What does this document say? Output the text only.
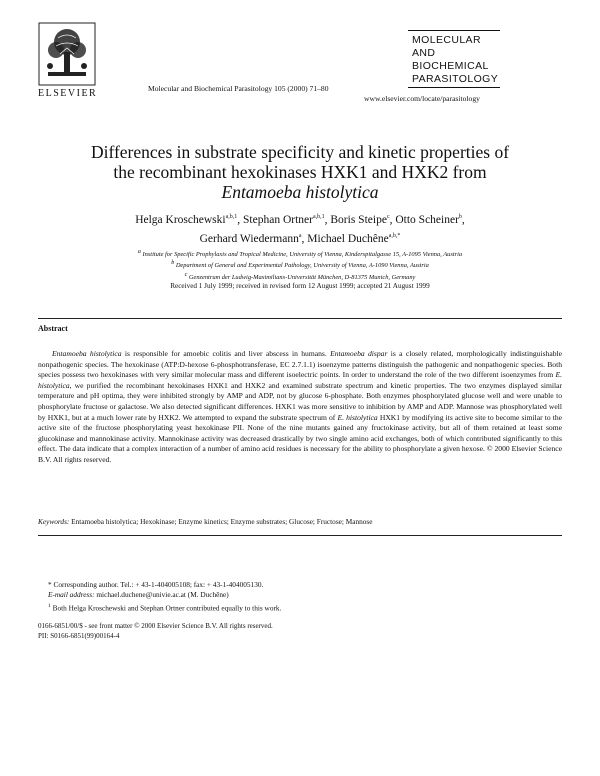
ELSEVIER	Molecular and Biochemical Parasitology 105 (2000) 71–80
MOLECULAR
AND
BIOCHEMICAL
PARASITOLOGY
www.elsevier.com/locate/parasitology
Differences in substrate specificity and kinetic properties of
the recombinant hexokinases HXK1 and HXK2 from
Entamoeba histolytica
Helga Kroschewski$^{a,b,1}$, Stephan Ortner$^{a,b,1}$, Boris Steipe$^c$, Otto Scheiner$^b$,
Gerhard Wiedermann$^a$, Michael Duchêne$^{a,b,*}$
$^a$ Institute for Specific Prophylaxis and Tropical Medicine, University of Vienna, Kinderspitalgasse 15, A-1095 Vienna, Austria
$^b$ Department of General and Experimental Pathology, University of Vienna, A-1090 Vienna, Austria
$^c$ Genzentrum der Ludwig-Maximilians-Universität München, D-81375 Munich, Germany
Received 1 July 1999; received in revised form 12 August 1999; accepted 21 August 1999
Abstract

Entamoeba histolytica is responsible for amoebic colitis and liver abscess in humans. Entamoeba dispar is a closely related, morphologically indistinguishable nonpathogenic species. The hexokinase (ATP:D-hexose 6-phosphotransferase, EC 2.7.1.1) isoenzyme patterns distinguish the pathogenic and nonpathogenic species. Both species possess two hexokinases with very similar molecular mass and different isoelectric points. In order to understand the role of the two different isoenzymes from E. histolytica, we purified the recombinant hexokinases HXK1 and HXK2 and examined substrate spectrum and kinetic properties. The two enzymes displayed similar temperature and pH optima, they were inhibited strongly by AMP and ADP, not by glucose 6-phosphate. Both enzymes phosphorylated glucose well and were unable to phosphorylate fructose or galactose. We also detected significant differences. HXK1 was more sensitive to inhibition by AMP and ADP. Mannose was phosphorylated well by HXK1, but at a much lower rate by HXK2. We attempted to expand the substrate spectrum of E. histolytica HXK1 by modifying its active site to become similar to the active site of the fructose phosphorylating yeast hexokinase PII. None of the nine mutants gained any fructokinase activity, but all of them retained at least some glucokinase and mannokinase activity. Mannokinase activity was decreased drastically by two single amino acid exchanges, both of which contributed significantly to this effect. The data indicate that a complex interaction of a number of amino acid residues is necessary for the ability to phosphorylate a given hexose. © 2000 Elsevier Science B.V. All rights reserved.

Keywords: Entamoeba histolytica; Hexokinase; Enzyme kinetics; Enzyme substrates; Glucose; Fructose; Mannose
* Corresponding author. Tel.: + 43-1-404005108; fax: + 43-1-404005130.
E-mail address: michael.duchene@univie.ac.at (M. Duchêne)
$^1$ Both Helga Kroschewski and Stephan Ortner contributed equally to this work.
0166-6851/00/$ - see front matter © 2000 Elsevier Science B.V. All rights reserved.
PII: S0166-6851(99)00164-4
